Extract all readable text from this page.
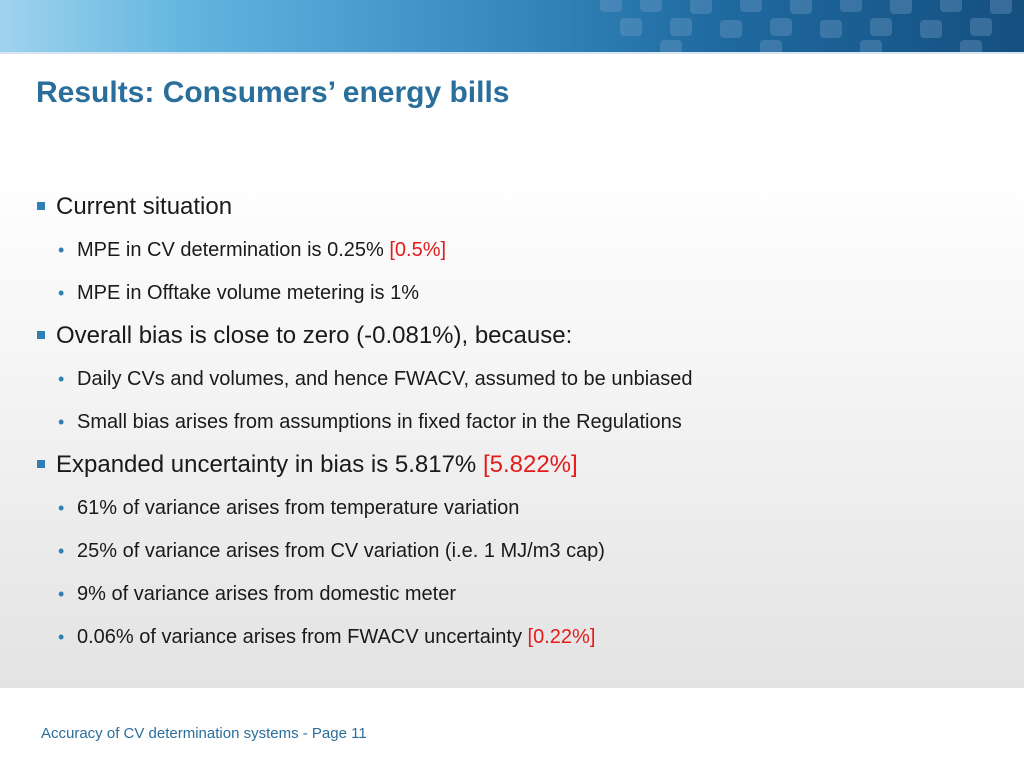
Results: Consumers’ energy bills
Current situation
• MPE in CV determination is 0.25% [0.5%]
• MPE in Offtake volume metering is 1%
Overall bias is close to zero (-0.081%), because:
• Daily CVs and volumes, and hence FWACV, assumed to be unbiased
• Small bias arises from assumptions in fixed factor in the Regulations
Expanded uncertainty in bias is 5.817% [5.822%]
• 61% of variance arises from temperature variation
• 25% of variance arises from CV variation (i.e. 1 MJ/m3 cap)
• 9% of variance arises from domestic meter
• 0.06% of variance arises from FWACV uncertainty [0.22%]
Accuracy of CV determination systems - Page 11
